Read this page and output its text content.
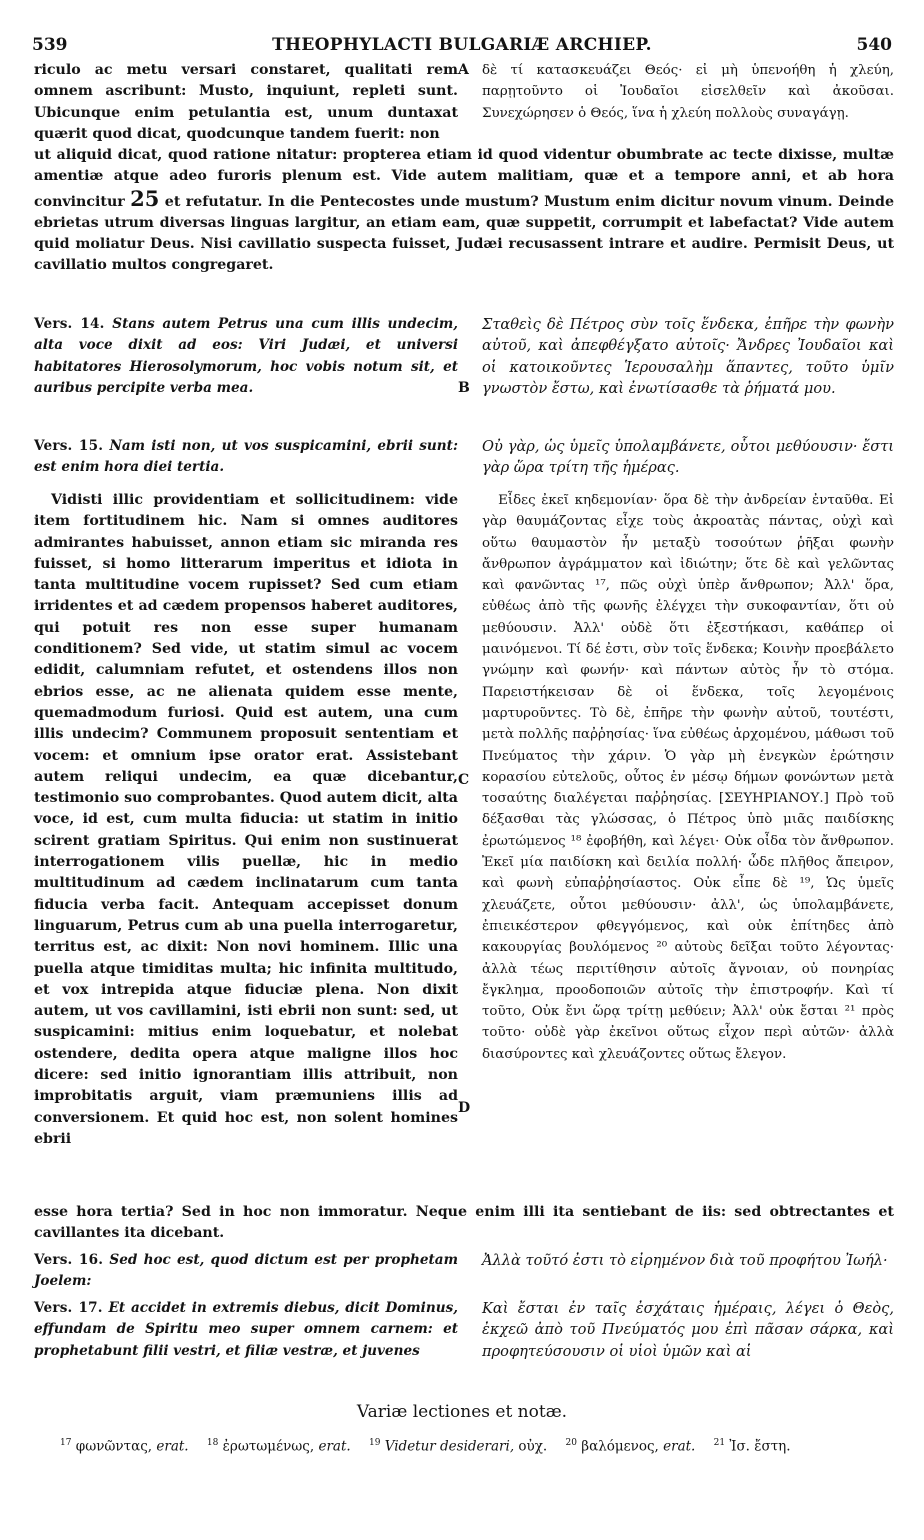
539	THEOPHYLACTI BULGARIÆ ARCHIEP.	540
riculo ac metu versari constaret, qualitati rem omnem ascribunt: Musto, inquiunt, repleti sunt. Ubicunque enim petulantia est, unum duntaxat quærit quod dicat, quodcunque tandem fuerit: non
δὲ τί κατασκευάζει Θεός· εἰ μὴ ὑπενοήθη ἡ χλεύη, παρῃτοῦντο οἱ Ἰουδαῖοι εἰσελθεῖν καὶ ἀκοῦσαι. Συνεχώρησεν ὁ Θεός, ἵνα ἡ χλεύη πολλοὺς συναγάγῃ.
A
ut aliquid dicat, quod ratione nitatur: propterea etiam id quod videntur obumbrate ac tecte dixisse, multæ amentiæ atque adeo furoris plenum est. Vide autem malitiam, quæ et a tempore anni, et ab hora convincitur 25 et refutatur. In die Pentecostes unde mustum? Mustum enim dicitur novum vinum. Deinde ebrietas utrum diversas linguas largitur, an etiam eam, quæ suppetit, corrumpit et labefactat? Vide autem quid moliatur Deus. Nisi cavillatio suspecta fuisset, Judæi recusassent intrare et audire. Permisit Deus, ut cavillatio multos congregaret.
Vers. 14. Stans autem Petrus una cum illis undecim, alta voce dixit ad eos: Viri Judæi, et universi habitatores Hierosolymorum, hoc vobis notum sit, et auribus percipite verba mea.
Σταθεὶς δὲ Πέτρος σὺν τοῖς ἕνδεκα, ἐπῆρε τὴν φωνὴν αὐτοῦ, καὶ ἀπεφθέγξατο αὐτοῖς· Ἄνδρες Ἰουδαῖοι καὶ οἱ κατοικοῦντες Ἱερουσαλὴμ ἅπαντες, τοῦτο ὑμῖν γνωστὸν ἔστω, καὶ ἐνωτίσασθε τὰ ῥήματά μου.
B
Vers. 15. Nam isti non, ut vos suspicamini, ebrii sunt: est enim hora diei tertia.
Οὐ γὰρ, ὡς ὑμεῖς ὑπολαμβάνετε, οὗτοι μεθύουσιν· ἔστι γὰρ ὥρα τρίτη τῆς ἡμέρας.
Vidisti illic providentiam et sollicitudinem: vide item fortitudinem hic. Nam si omnes auditores admirantes habuisset, annon etiam sic miranda res fuisset, si homo litterarum imperitus et idiota in tanta multitudine vocem rupisset? Sed cum etiam irridentes et ad cædem propensos haberet auditores, qui potuit res non esse super humanam conditionem? Sed vide, ut statim simul ac vocem edidit, calumniam refutet, et ostendens illos non ebrios esse, ac ne alienata quidem esse mente, quemadmodum furiosi. Quid est autem, una cum illis undecim? Communem proposuit sententiam et vocem: et omnium ipse orator erat. Assistebant autem reliqui undecim, ea quæ dicebantur, testimonio suo comprobantes. Quod autem dicit, alta voce, id est, cum multa fiducia: ut statim in initio scirent gratiam Spiritus. Qui enim non sustinuerat interrogationem vilis puellæ, hic in medio multitudinum ad cædem inclinatarum cum tanta fiducia verba facit. Antequam accepisset donum linguarum, Petrus cum ab una puella interrogaretur, territus est, ac dixit: Non novi hominem. Illic una puella atque timiditas multa; hic infinita multitudo, et vox intrepida atque fiduciæ plena. Non dixit autem, ut vos cavillamini, isti ebrii non sunt: sed, ut suspicamini: mitius enim loquebatur, et nolebat ostendere, dedita opera atque maligne illos hoc dicere: sed initio ignorantiam illis attribuit, non improbitatis arguit, viam præmuniens illis ad conversionem. Et quid hoc est, non solent homines ebrii
Εἶδες ἐκεῖ κηδεμονίαν· ὅρα δὲ τὴν ἀνδρείαν ἐνταῦθα. Εἰ γὰρ θαυμάζοντας εἶχε τοὺς ἀκροατὰς πάντας, οὐχὶ καὶ οὕτω θαυμαστὸν ἦν μεταξὺ τοσούτων ῥῆξαι φωνὴν ἄνθρωπον ἀγράμματον καὶ ἰδιώτην; ὅτε δὲ καὶ γελῶντας καὶ φανῶντας ¹⁷, πῶς οὐχὶ ὑπὲρ ἄνθρωπον; Ἀλλ' ὅρα, εὐθέως ἀπὸ τῆς φωνῆς ἐλέγχει τὴν συκοφαντίαν, ὅτι οὐ μεθύουσιν. Ἀλλ' οὐδὲ ὅτι ἐξεστήκασι, καθάπερ οἱ μαινόμενοι. Τί δέ ἐστι, σὺν τοῖς ἕνδεκα; Κοινὴν προεβάλετο γνώμην καὶ φωνήν· καὶ πάντων αὐτὸς ἦν τὸ στόμα. Παρειστήκεισαν δὲ οἱ ἕνδεκα, τοῖς λεγομένοις μαρτυροῦντες. Τὸ δὲ, ἐπῆρε τὴν φωνὴν αὐτοῦ, τουτέστι, μετὰ πολλῆς παῤῥησίας· ἵνα εὐθέως ἀρχομένου, μάθωσι τοῦ Πνεύματος τὴν χάριν. Ὁ γὰρ μὴ ἐνεγκὼν ἐρώτησιν κορασίου εὐτελοῦς, οὗτος ἐν μέσῳ δήμων φονώντων μετὰ τοσαύτης διαλέγεται παῤῥησίας. [ΣΕΥΗΡΙΑΝΟΥ.] Πρὸ τοῦ δέξασθαι τὰς γλώσσας, ὁ Πέτρος ὑπὸ μιᾶς παιδίσκης ἐρωτώμενος ¹⁸ ἐφοβήθη, καὶ λέγει· Οὐκ οἶδα τὸν ἄνθρωπον. Ἐκεῖ μία παιδίσκη καὶ δειλία πολλή· ὧδε πλῆθος ἄπειρον, καὶ φωνὴ εὐπαῤῥησίαστος. Οὐκ εἶπε δὲ ¹⁹, Ὡς ὑμεῖς χλευάζετε, οὗτοι μεθύουσιν· ἀλλ', ὡς ὑπολαμβάνετε, ἐπιεικέστερον φθεγγόμενος, καὶ οὐκ ἐπίτηδες ἀπὸ κακουργίας βουλόμενος ²⁰ αὐτοὺς δεῖξαι τοῦτο λέγοντας· ἀλλὰ τέως περιτίθησιν αὐτοῖς ἄγνοιαν, οὐ πονηρίας ἔγκλημα, προοδοποιῶν αὐτοῖς τὴν ἐπιστροφήν. Καὶ τί τοῦτο, Οὐκ ἔνι ὥρᾳ τρίτῃ μεθύειν; Ἀλλ' οὐκ ἔσται ²¹ πρὸς τοῦτο· οὐδὲ γὰρ ἐκεῖνοι οὕτως εἶχον περὶ αὐτῶν· ἀλλὰ διασύροντες καὶ χλευάζοντες οὕτως ἔλεγον.
C
D
esse hora tertia? Sed in hoc non immoratur. Neque enim illi ita sentiebant de iis: sed obtrectantes et cavillantes ita dicebant.
Vers. 16. Sed hoc est, quod dictum est per prophetam Joelem:
Ἀλλὰ τοῦτό ἐστι τὸ εἰρημένον διὰ τοῦ προφήτου Ἰωήλ·
Vers. 17. Et accidet in extremis diebus, dicit Dominus, effundam de Spiritu meo super omnem carnem: et prophetabunt filii vestri, et filiæ vestræ, et juvenes
Καὶ ἔσται ἐν ταῖς ἐσχάταις ἡμέραις, λέγει ὁ Θεὸς, ἐκχεῶ ἀπὸ τοῦ Πνεύματός μου ἐπὶ πᾶσαν σάρκα, καὶ προφητεύσουσιν οἱ υἱοὶ ὑμῶν καὶ αἱ
Variæ lectiones et notæ.
$^{17}$ φωνῶντας, erat. $^{18}$ ἐρωτωμένως, erat. $^{19}$ Videtur desiderari, οὐχ. $^{20}$ βαλόμενος, erat. $^{21}$ Ἰσ. ἔστη.
